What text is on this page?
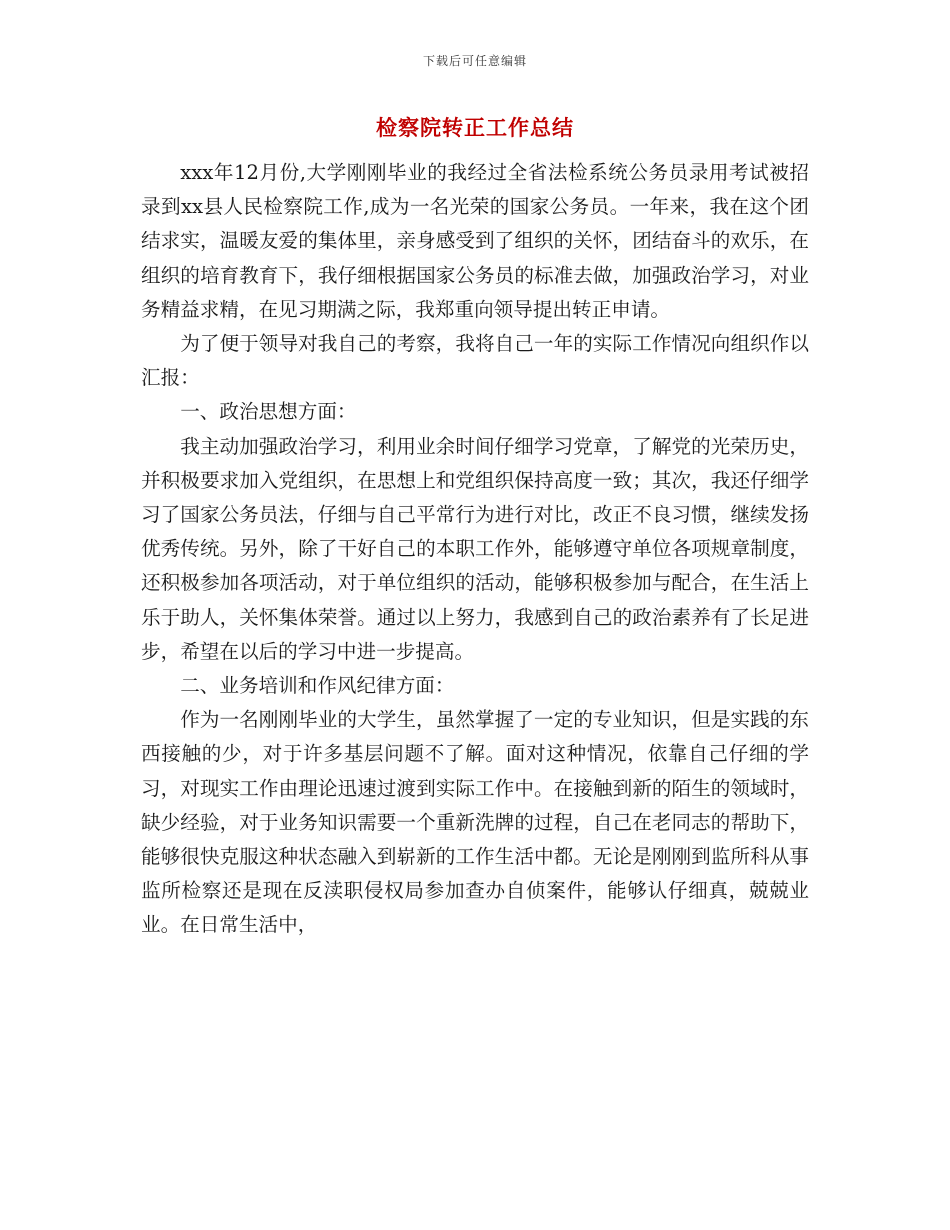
下载后可任意编辑
检察院转正工作总结

xxx年12月份,大学刚刚毕业的我经过全省法检系统公务员录用考试被招录到xx县人民检察院工作,成为一名光荣的国家公务员。一年来，我在这个团结求实，温暖友爱的集体里，亲身感受到了组织的关怀，团结奋斗的欢乐，在组织的培育教育下，我仔细根据国家公务员的标准去做，加强政治学习，对业务精益求精，在见习期满之际，我郑重向领导提出转正申请。

为了便于领导对我自己的考察，我将自己一年的实际工作情况向组织作以汇报：

一、政治思想方面：

我主动加强政治学习，利用业余时间仔细学习党章，了解党的光荣历史，并积极要求加入党组织，在思想上和党组织保持高度一致；其次，我还仔细学习了国家公务员法，仔细与自己平常行为进行对比，改正不良习惯，继续发扬优秀传统。另外，除了干好自己的本职工作外，能够遵守单位各项规章制度，还积极参加各项活动，对于单位组织的活动，能够积极参加与配合，在生活上乐于助人，关怀集体荣誉。通过以上努力，我感到自己的政治素养有了长足进步，希望在以后的学习中进一步提高。

二、业务培训和作风纪律方面：

作为一名刚刚毕业的大学生，虽然掌握了一定的专业知识，但是实践的东西接触的少，对于许多基层问题不了解。面对这种情况，依靠自己仔细的学习，对现实工作由理论迅速过渡到实际工作中。在接触到新的陌生的领域时，缺少经验，对于业务知识需要一个重新洗牌的过程，自己在老同志的帮助下，能够很快克服这种状态融入到崭新的工作生活中都。无论是刚刚到监所科从事监所检察还是现在反渎职侵权局参加查办自侦案件，能够认仔细真，兢兢业业。在日常生活中，
